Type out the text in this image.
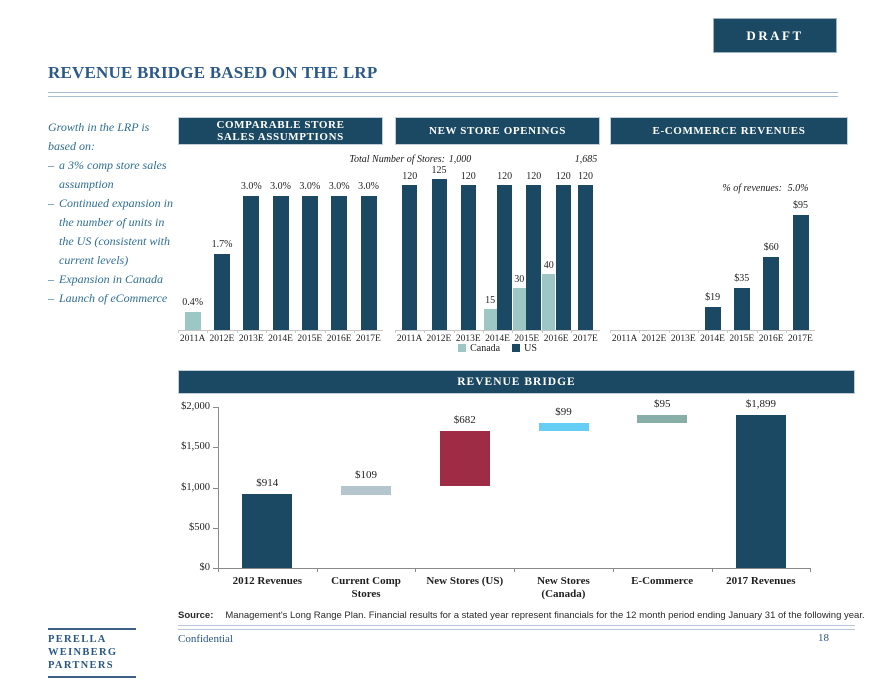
DRAFT
REVENUE BRIDGE BASED ON THE LRP
Growth in the LRP is based on:
– a 3% comp store sales assumption
– Continued expansion in the number of units in the US (consistent with current levels)
– Expansion in Canada
– Launch of eCommerce
COMPARABLE STORE
SALES ASSUMPTIONS
0.4%
2011A
1.7%
2012E
3.0%
2013E
3.0%
2014E
3.0%
2015E
3.0%
2016E
3.0%
2017E
NEW STORE OPENINGS
Total Number of Stores: 1,000	1,685
Canada	US
120
2011A
125
2012E
120
2013E
15
120
2014E
30
120
2015E
40
120
2016E
120
2017E
E-COMMERCE REVENUES
% of revenues: 5.0%
2011A 2012E 2013E
$19
2014E
$35
2015E
$60
2016E
$95
2017E
REVENUE BRIDGE
$2,000
$1,500
$1,000
$500
$0
$914
2012 Revenues
$109
Current Comp
Stores
$682
New Stores (US)
$99
New Stores
(Canada)
$95
E-Commerce
$1,899
2017 Revenues
Source: Management's Long Range Plan. Financial results for a stated year represent financials for the 12 month period ending January 31 of the following year.
PERELLA
WEINBERG
PARTNERS
Confidential	18
